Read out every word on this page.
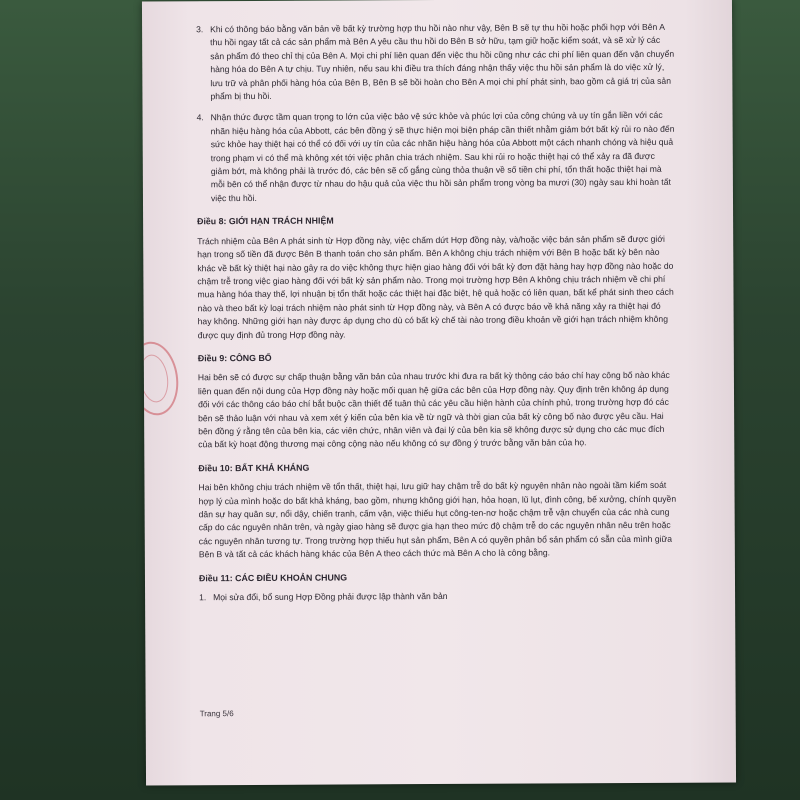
3. Khi có thông báo bằng văn bản về bất kỳ trường hợp thu hồi nào như vậy, Bên B sẽ tự thu hồi hoặc phối hợp với Bên A thu hồi ngay tất cả các sản phẩm mà Bên A yêu cầu thu hồi do Bên B sở hữu, tạm giữ hoặc kiểm soát, và sẽ xử lý các sản phẩm đó theo chỉ thị của Bên A. Mọi chi phí liên quan đến việc thu hồi cũng như các chi phí liên quan đến vận chuyển hàng hóa do Bên A tự chịu. Tuy nhiên, nếu sau khi điều tra thích đáng nhận thấy việc thu hồi sản phẩm là do việc xử lý, lưu trữ và phân phối hàng hóa của Bên B, Bên B sẽ bồi hoàn cho Bên A mọi chi phí phát sinh, bao gồm cả giá trị của sản phẩm bị thu hồi.
4. Nhận thức được tầm quan trọng to lớn của việc bảo vệ sức khỏe và phúc lợi của công chúng và uy tín gắn liền với các nhãn hiệu hàng hóa của Abbott, các bên đồng ý sẽ thực hiện mọi biện pháp cần thiết nhằm giảm bớt bất kỳ rủi ro nào đến sức khỏe hay thiệt hại có thể có đối với uy tín của các nhãn hiệu hàng hóa của Abbott một cách nhanh chóng và hiệu quả trong phạm vi có thể mà không xét tới việc phân chia trách nhiệm. Sau khi rủi ro hoặc thiệt hại có thể xảy ra đã được giảm bớt, mà không phải là trước đó, các bên sẽ cố gắng cùng thỏa thuận về số tiền chi phí, tổn thất hoặc thiệt hại mà mỗi bên có thể nhận được từ nhau do hậu quả của việc thu hồi sản phẩm trong vòng ba mươi (30) ngày sau khi hoàn tất việc thu hồi.
Điều 8: GIỚI HẠN TRÁCH NHIỆM
Trách nhiệm của Bên A phát sinh từ Hợp đồng này, việc chấm dứt Hợp đồng này, và/hoặc việc bán sản phẩm sẽ được giới hạn trong số tiền đã được Bên B thanh toán cho sản phẩm. Bên A không chịu trách nhiệm với Bên B hoặc bất kỳ bên nào khác về bất kỳ thiệt hại nào gây ra do việc không thực hiện giao hàng đối với bất kỳ đơn đặt hàng hay hợp đồng nào hoặc do chậm trễ trong việc giao hàng đối với bất kỳ sản phẩm nào. Trong mọi trường hợp Bên A không chịu trách nhiệm về chi phí mua hàng hóa thay thế, lợi nhuận bị tổn thất hoặc các thiệt hại đặc biệt, hệ quả hoặc có liên quan, bất kể phát sinh theo cách nào và theo bất kỳ loại trách nhiệm nào phát sinh từ Hợp đồng này, và Bên A có được báo về khả năng xảy ra thiệt hại đó hay không. Những giới hạn này được áp dụng cho dù có bất kỳ chế tài nào trong điều khoản về giới hạn trách nhiệm không được quy định đủ trong Hợp đồng này.
Điều 9: CÔNG BỐ
Hai bên sẽ có được sự chấp thuận bằng văn bản của nhau trước khi đưa ra bất kỳ thông cáo báo chí hay công bố nào khác liên quan đến nội dung của Hợp đồng này hoặc mối quan hệ giữa các bên của Hợp đồng này. Quy định trên không áp dụng đối với các thông cáo báo chí bắt buộc cần thiết để tuân thủ các yêu cầu hiện hành của chính phủ, trong trường hợp đó các bên sẽ thảo luận với nhau và xem xét ý kiến của bên kia về từ ngữ và thời gian của bất kỳ công bố nào được yêu cầu. Hai bên đồng ý rằng tên của bên kia, các viên chức, nhân viên và đại lý của bên kia sẽ không được sử dụng cho các mục đích của bất kỳ hoạt động thương mại công cộng nào nếu không có sự đồng ý trước bằng văn bản của họ.
Điều 10: BẤT KHẢ KHÁNG
Hai bên không chịu trách nhiệm về tổn thất, thiệt hại, lưu giữ hay chậm trễ do bất kỳ nguyên nhân nào ngoài tầm kiểm soát hợp lý của mình hoặc do bất khả kháng, bao gồm, nhưng không giới hạn, hỏa hoạn, lũ lụt, đình công, bế xưởng, chính quyền dân sự hay quân sự, nổi dậy, chiến tranh, cấm vận, việc thiếu hụt công-ten-nơ hoặc chậm trễ vận chuyển của các nhà cung cấp do các nguyên nhân trên, và ngày giao hàng sẽ được gia hạn theo mức độ chậm trễ do các nguyên nhân nêu trên hoặc các nguyên nhân tương tự. Trong trường hợp thiếu hụt sản phẩm, Bên A có quyền phân bổ sản phẩm có sẵn của mình giữa Bên B và tất cả các khách hàng khác của Bên A theo cách thức mà Bên A cho là công bằng.
Điều 11: CÁC ĐIỀU KHOẢN CHUNG
1. Mọi sửa đổi, bổ sung Hợp Đồng phải được lập thành văn bản
Trang 5/6
